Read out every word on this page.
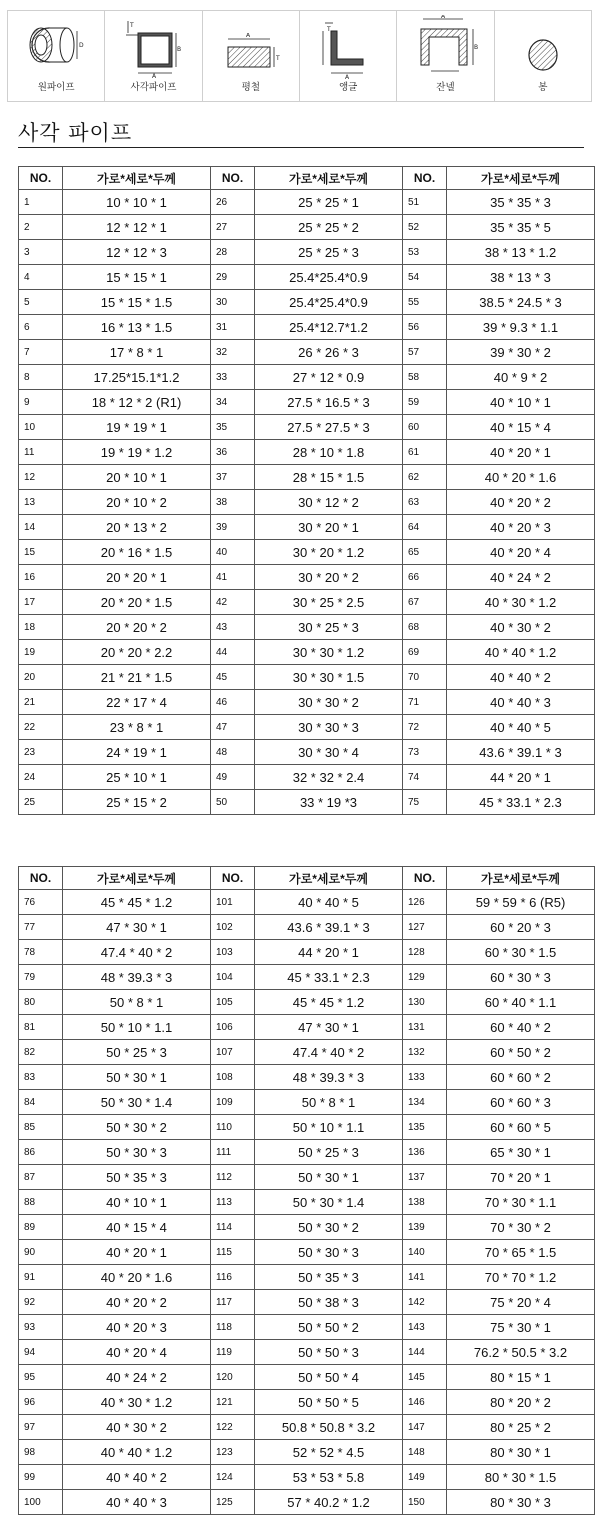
D
원파이프
T
B
A
사각파이프
A
T
평철
T
A
앵글
A
B
잔넬	봉
사각 파이프
NO.	가로*세로*두께	NO.	가로*세로*두께	NO.	가로*세로*두께
1	10 * 10 * 1	26	25 * 25 * 1	51	35 * 35 * 3
2	12 * 12 * 1	27	25 * 25 * 2	52	35 * 35 * 5
3	12 * 12 * 3	28	25 * 25 * 3	53	38 * 13 * 1.2
4	15 * 15 * 1	29	25.4*25.4*0.9	54	38 * 13 * 3
5	15 * 15 * 1.5	30	25.4*25.4*0.9	55	38.5 * 24.5 * 3
6	16 * 13 * 1.5	31	25.4*12.7*1.2	56	39 * 9.3 * 1.1
7	17 * 8 * 1	32	26 * 26 * 3	57	39 * 30 * 2
8	17.25*15.1*1.2	33	27 * 12 * 0.9	58	40 * 9 * 2
9	18 * 12 * 2 (R1)	34	27.5 * 16.5 * 3	59	40 * 10 * 1
10	19 * 19 * 1	35	27.5 * 27.5 * 3	60	40 * 15 * 4
11	19 * 19 * 1.2	36	28 * 10 * 1.8	61	40 * 20 * 1
12	20 * 10 * 1	37	28 * 15 * 1.5	62	40 * 20 * 1.6
13	20 * 10 * 2	38	30 * 12 * 2	63	40 * 20 * 2
14	20 * 13 * 2	39	30 * 20 * 1	64	40 * 20 * 3
15	20 * 16 * 1.5	40	30 * 20 * 1.2	65	40 * 20 * 4
16	20 * 20 * 1	41	30 * 20 * 2	66	40 * 24 * 2
17	20 * 20 * 1.5	42	30 * 25 * 2.5	67	40 * 30 * 1.2
18	20 * 20 * 2	43	30 * 25 * 3	68	40 * 30 * 2
19	20 * 20 * 2.2	44	30 * 30 * 1.2	69	40 * 40 * 1.2
20	21 * 21 * 1.5	45	30 * 30 * 1.5	70	40 * 40 * 2
21	22 * 17 * 4	46	30 * 30 * 2	71	40 * 40 * 3
22	23 * 8 * 1	47	30 * 30 * 3	72	40 * 40 * 5
23	24 * 19 * 1	48	30 * 30 * 4	73	43.6 * 39.1 * 3
24	25 * 10 * 1	49	32 * 32 * 2.4	74	44 * 20 * 1
25	25 * 15 * 2	50	33 * 19 *3	75	45 * 33.1 * 2.3
NO.	가로*세로*두께	NO.	가로*세로*두께	NO.	가로*세로*두께
76	45 * 45 * 1.2	101	40 * 40 * 5	126	59 * 59 * 6 (R5)
77	47 * 30 * 1	102	43.6 * 39.1 * 3	127	60 * 20 * 3
78	47.4 * 40 * 2	103	44 * 20 * 1	128	60 * 30 * 1.5
79	48 * 39.3 * 3	104	45 * 33.1 * 2.3	129	60 * 30 * 3
80	50 * 8 * 1	105	45 * 45 * 1.2	130	60 * 40 * 1.1
81	50 * 10 * 1.1	106	47 * 30 * 1	131	60 * 40 * 2
82	50 * 25 * 3	107	47.4 * 40 * 2	132	60 * 50 * 2
83	50 * 30 * 1	108	48 * 39.3 * 3	133	60 * 60 * 2
84	50 * 30 * 1.4	109	50 * 8 * 1	134	60 * 60 * 3
85	50 * 30 * 2	110	50 * 10 * 1.1	135	60 * 60 * 5
86	50 * 30 * 3	111	50 * 25 * 3	136	65 * 30 * 1
87	50 * 35 * 3	112	50 * 30 * 1	137	70 * 20 * 1
88	40 * 10 * 1	113	50 * 30 * 1.4	138	70 * 30 * 1.1
89	40 * 15 * 4	114	50 * 30 * 2	139	70 * 30 * 2
90	40 * 20 * 1	115	50 * 30 * 3	140	70 * 65 * 1.5
91	40 * 20 * 1.6	116	50 * 35 * 3	141	70 * 70 * 1.2
92	40 * 20 * 2	117	50 * 38 * 3	142	75 * 20 * 4
93	40 * 20 * 3	118	50 * 50 * 2	143	75 * 30 * 1
94	40 * 20 * 4	119	50 * 50 * 3	144	76.2 * 50.5 * 3.2
95	40 * 24 * 2	120	50 * 50 * 4	145	80 * 15 * 1
96	40 * 30 * 1.2	121	50 * 50 * 5	146	80 * 20 * 2
97	40 * 30 * 2	122	50.8 * 50.8 * 3.2	147	80 * 25 * 2
98	40 * 40 * 1.2	123	52 * 52 * 4.5	148	80 * 30 * 1
99	40 * 40 * 2	124	53 * 53 * 5.8	149	80 * 30 * 1.5
100	40 * 40 * 3	125	57 * 40.2 * 1.2	150	80 * 30 * 3
